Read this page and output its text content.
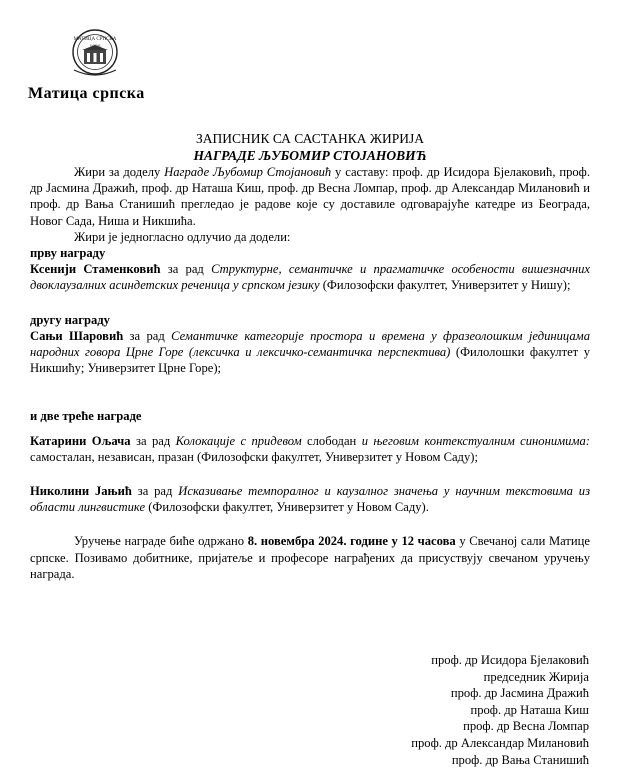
МАТИЦА СРПСКА
Матица српска
ЗАПИСНИК СА САСТАНКА ЖИРИЈА
НАГРАДЕ ЉУБОМИР СТОЈАНОВИЋ

Жири за доделу Награде Љубомир Стојановић у саставу: проф. др Исидора Бјелаковић, проф. др Јасмина Дражић, проф. др Наташа Киш, проф. др Весна Ломпар, проф. др Александар Милановић и проф. др Вања Станишић прегледао је радове које су доставиле одговарајуће катедре из Београда, Новог Сада, Ниша и Никшића.

Жири је једногласно одлучио да додели:

прву награду

Ксенији Стаменковић за рад Структурне, семантичке и прагматичке особености вишезначних двоклаузалних асиндетских реченица у српском језику (Филозофски факултет, Универзитет у Нишу);

другу награду

Сањи Шаровић за рад Семантичке категорије простора и времена у фразеолошким јединицама народних говора Црне Горе (лексичка и лексичко-семантичка перспектива) (Филолошки факултет у Никшићу; Универзитет Црне Горе);

и две треће награде

Катарини Ољача за рад Колокације с придевом слободан и његовим контекстуалним синонимима: самосталан, независан, празан (Филозофски факултет, Универзитет у Новом Саду);

Николини Јањић за рад Исказивање темпоралног и каузалног значења у научним текстовима из области лингвистике (Филозофски факултет, Универзитет у Новом Саду).

Уручење награде биће одржано 8. новембра 2024. године у 12 часова у Свечаној сали Матице српске. Позивамо добитнике, пријатеље и професоре награђених да присуствују свечаном уручењу награда.

проф. др Исидора Бјелаковић
председник Жирија
проф. др Јасмина Дражић
проф. др Наташа Киш
проф. др Весна Ломпар
проф. др Александар Милановић
проф. др Вања Станишић
